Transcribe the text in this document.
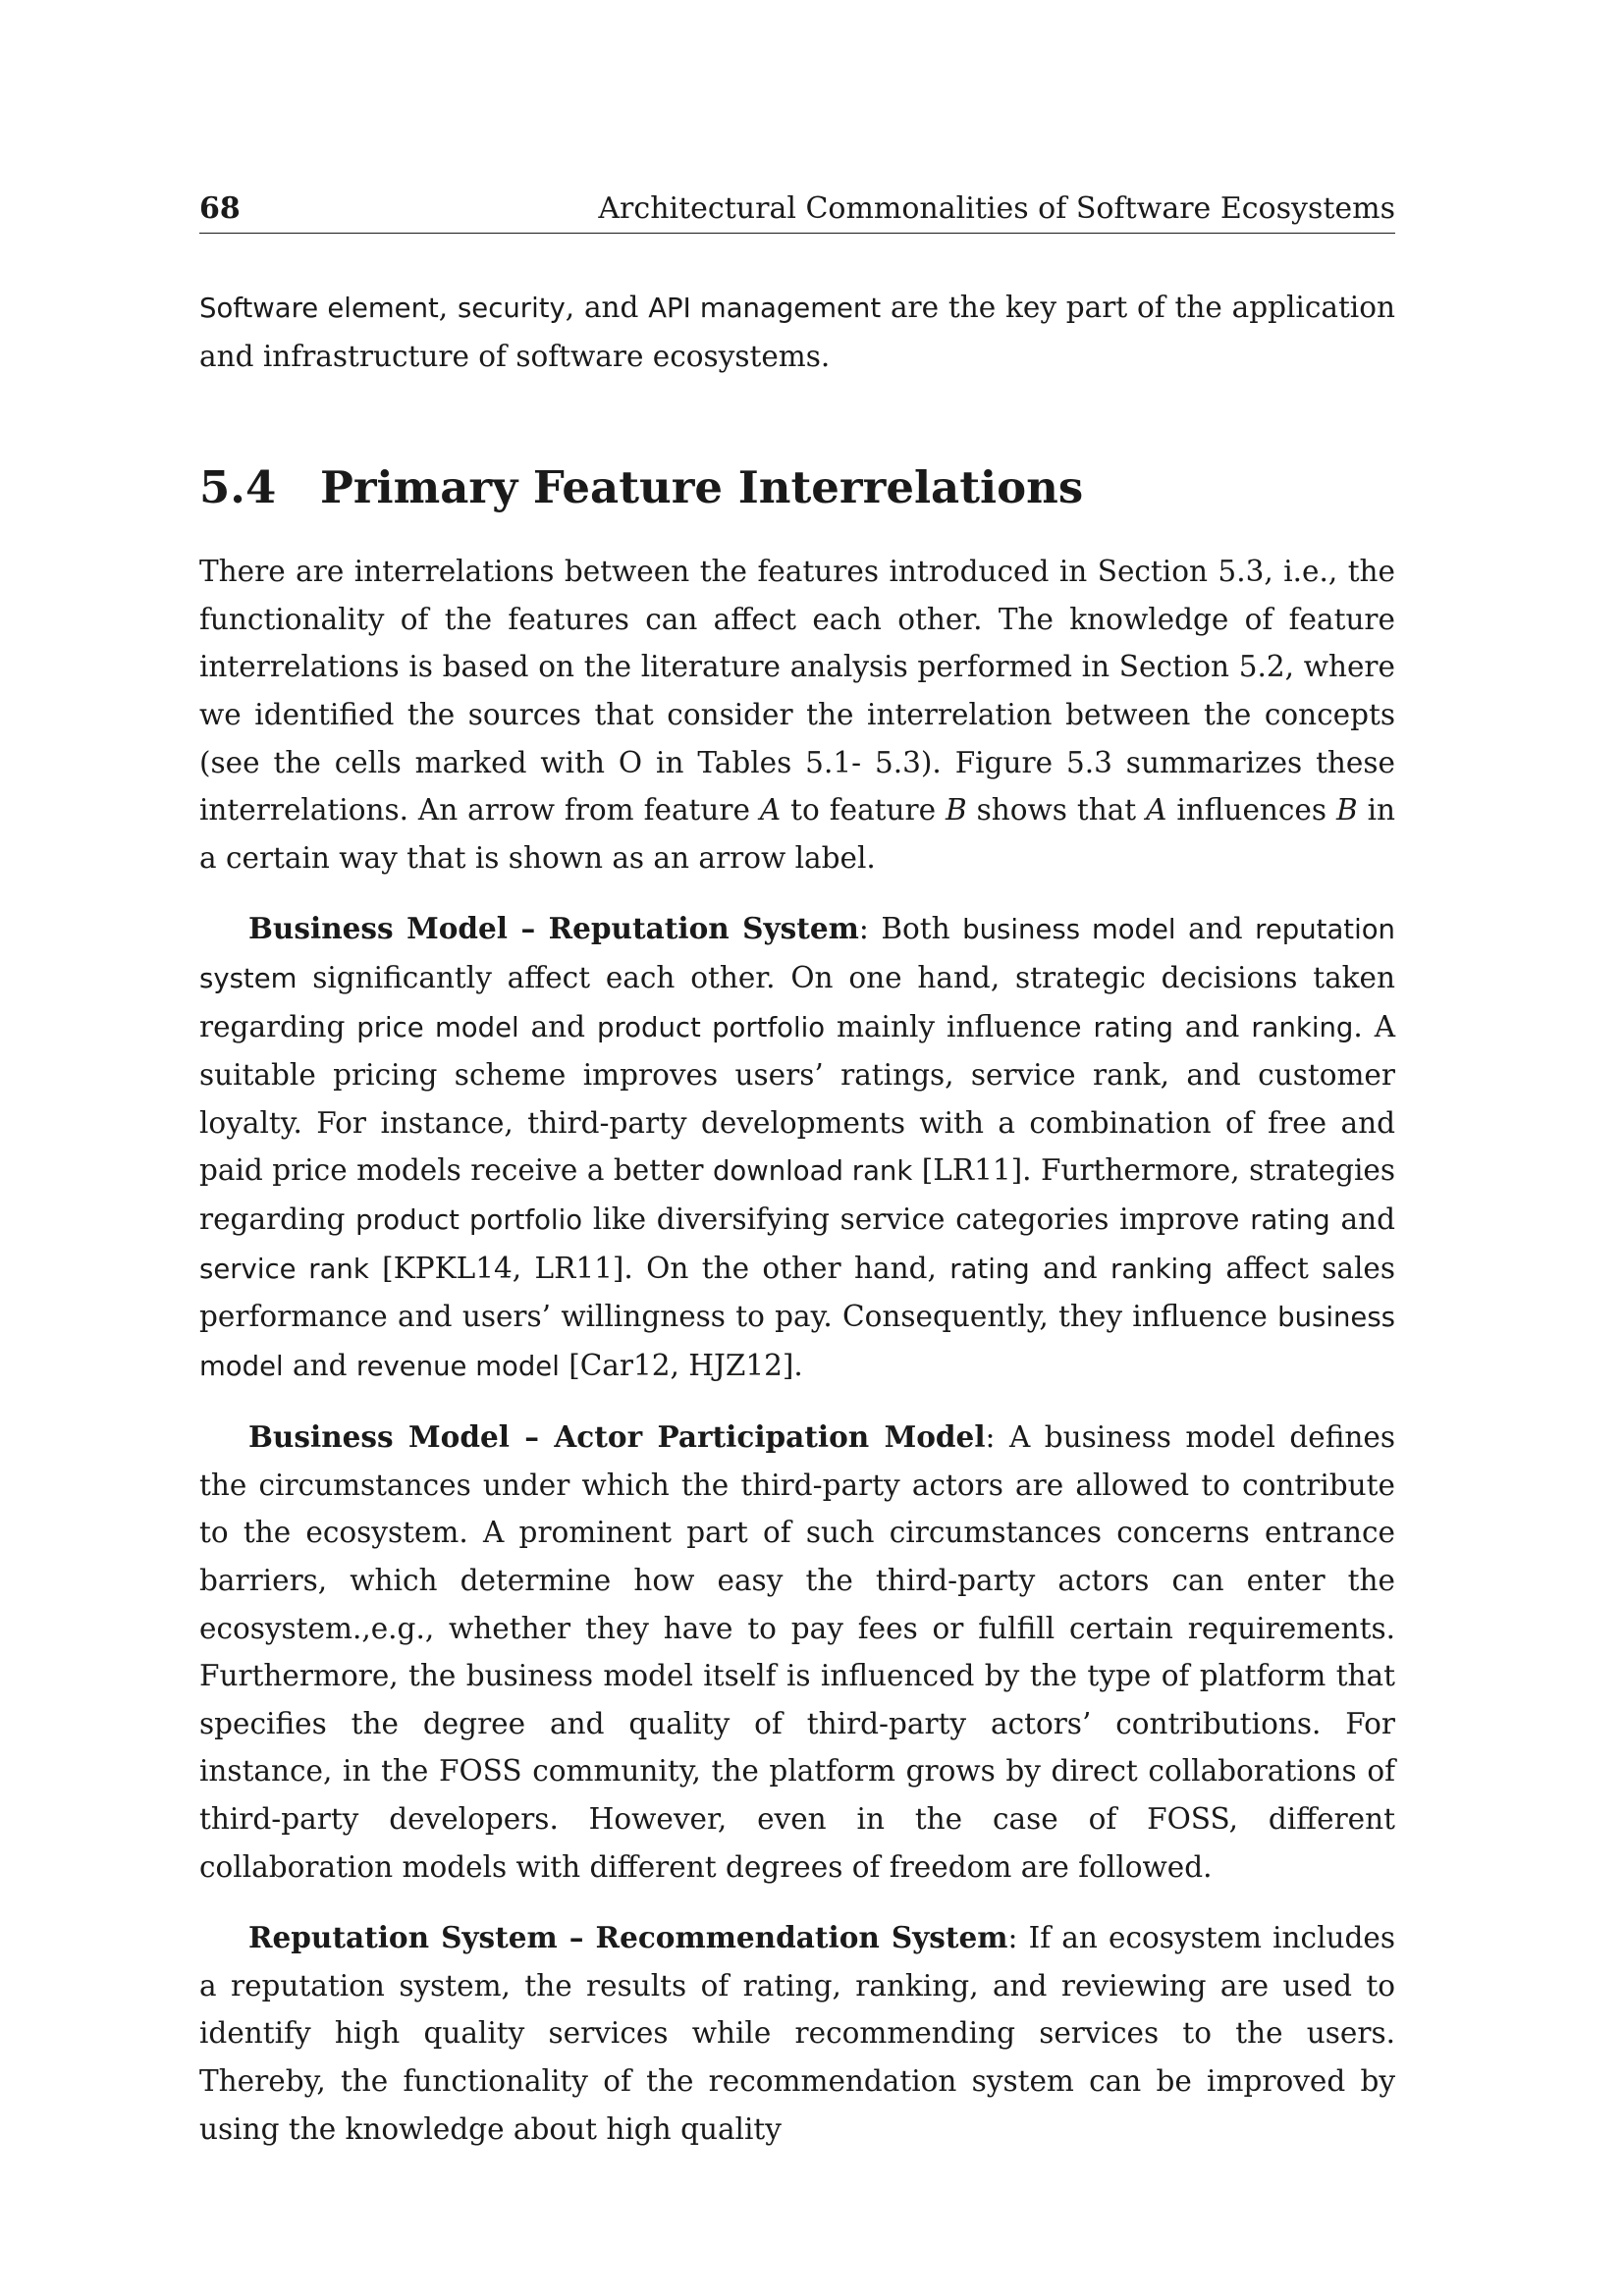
68	Architectural Commonalities of Software Ecosystems

Software element, security, and API management are the key part of the application and infrastructure of software ecosystems.

5.4 Primary Feature Interrelations

There are interrelations between the features introduced in Section 5.3, i.e., the functionality of the features can affect each other. The knowledge of feature interrelations is based on the literature analysis performed in Section 5.2, where we identified the sources that consider the interrelation between the concepts (see the cells marked with O in Tables 5.1- 5.3). Figure 5.3 summarizes these interrelations. An arrow from feature A to feature B shows that A influences B in a certain way that is shown as an arrow label.

Business Model – Reputation System: Both business model and reputation system significantly affect each other. On one hand, strategic decisions taken regarding price model and product portfolio mainly influence rating and ranking. A suitable pricing scheme improves users’ ratings, service rank, and customer loyalty. For instance, third-party developments with a combination of free and paid price models receive a better download rank [LR11]. Furthermore, strategies regarding product portfolio like diversifying service categories improve rating and service rank [KPKL14, LR11]. On the other hand, rating and ranking affect sales performance and users’ willingness to pay. Consequently, they influence business model and revenue model [Car12, HJZ12].

Business Model – Actor Participation Model: A business model defines the circumstances under which the third-party actors are allowed to contribute to the ecosystem. A prominent part of such circumstances concerns entrance barriers, which determine how easy the third-party actors can enter the ecosystem.,e.g., whether they have to pay fees or fulfill certain requirements. Furthermore, the business model itself is influenced by the type of platform that specifies the degree and quality of third-party actors’ contributions. For instance, in the FOSS community, the platform grows by direct collaborations of third-party developers. However, even in the case of FOSS, different collaboration models with different degrees of freedom are followed.

Reputation System – Recommendation System: If an ecosystem includes a reputation system, the results of rating, ranking, and reviewing are used to identify high quality services while recommending services to the users. Thereby, the functionality of the recommendation system can be improved by using the knowledge about high quality
